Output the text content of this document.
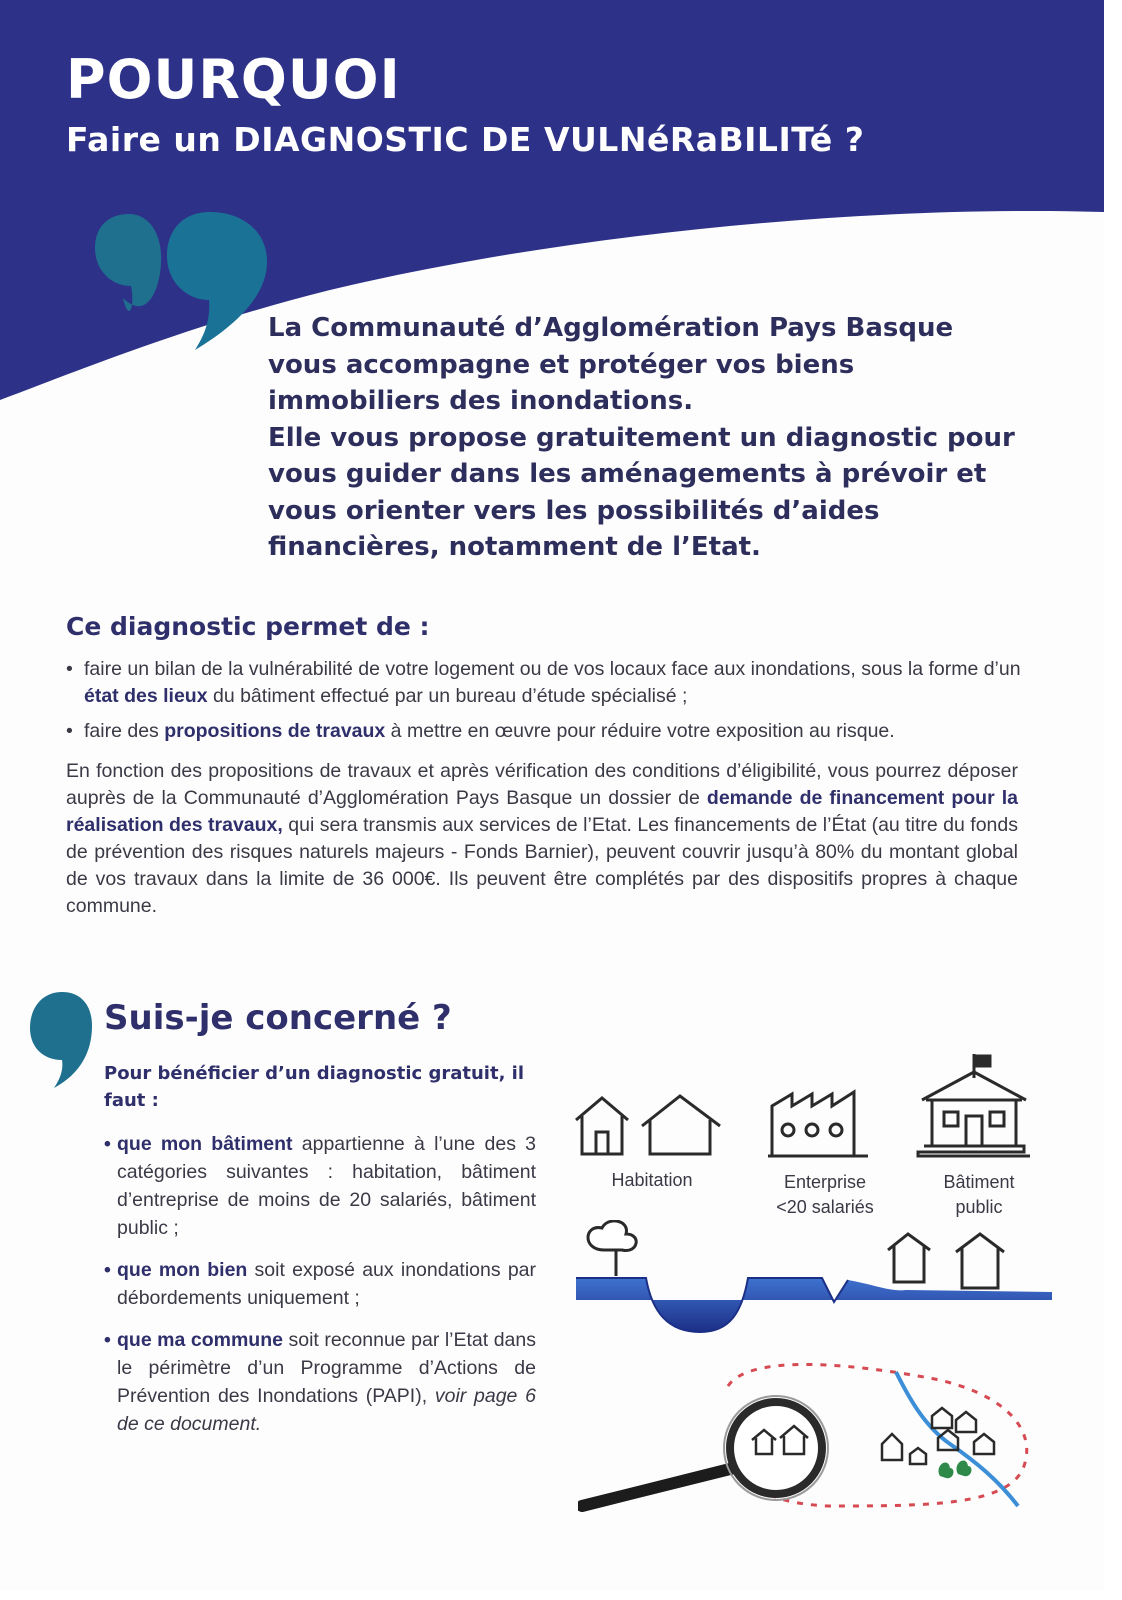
POURQUOI
Faire un DIAGNOSTIC DE VULNéRaBILITé ?

La Communauté d’Agglomération Pays Basque vous accompagne et protéger vos biens immobiliers des inondations.

Elle vous propose gratuitement un diagnostic pour vous guider dans les aménagements à prévoir et vous orienter vers les possibilités d’aides financières, notamment de l’Etat.

Ce diagnostic permet de :
• faire un bilan de la vulnérabilité de votre logement ou de vos locaux face aux inondations, sous la forme d’un état des lieux du bâtiment effectué par un bureau d’étude spécialisé ;
• faire des propositions de travaux à mettre en œuvre pour réduire votre exposition au risque.
En fonction des propositions de travaux et après vérification des conditions d’éligibilité, vous pourrez déposer auprès de la Communauté d’Agglomération Pays Basque un dossier de demande de financement pour la réalisation des travaux, qui sera transmis aux services de l’Etat. Les financements de l’État (au titre du fonds de prévention des risques naturels majeurs - Fonds Barnier), peuvent couvrir jusqu’à 80% du montant global de vos travaux dans la limite de 36 000€. Ils peuvent être complétés par des dispositifs propres à chaque commune.
Suis-je concerné ?
Pour bénéficier d’un diagnostic gratuit, il faut :
• que mon bâtiment appartienne à l’une des 3 catégories suivantes : habitation, bâtiment d’entreprise de moins de 20 salariés, bâtiment public ;
• que mon bien soit exposé aux inondations par débordements uniquement ;
• que ma commune soit reconnue par l’Etat dans le périmètre d’un Programme d’Actions de Prévention des Inondations (PAPI), voir page 6 de ce document.
Habitation	Enterprise
<20 salariés
Bâtiment
public
